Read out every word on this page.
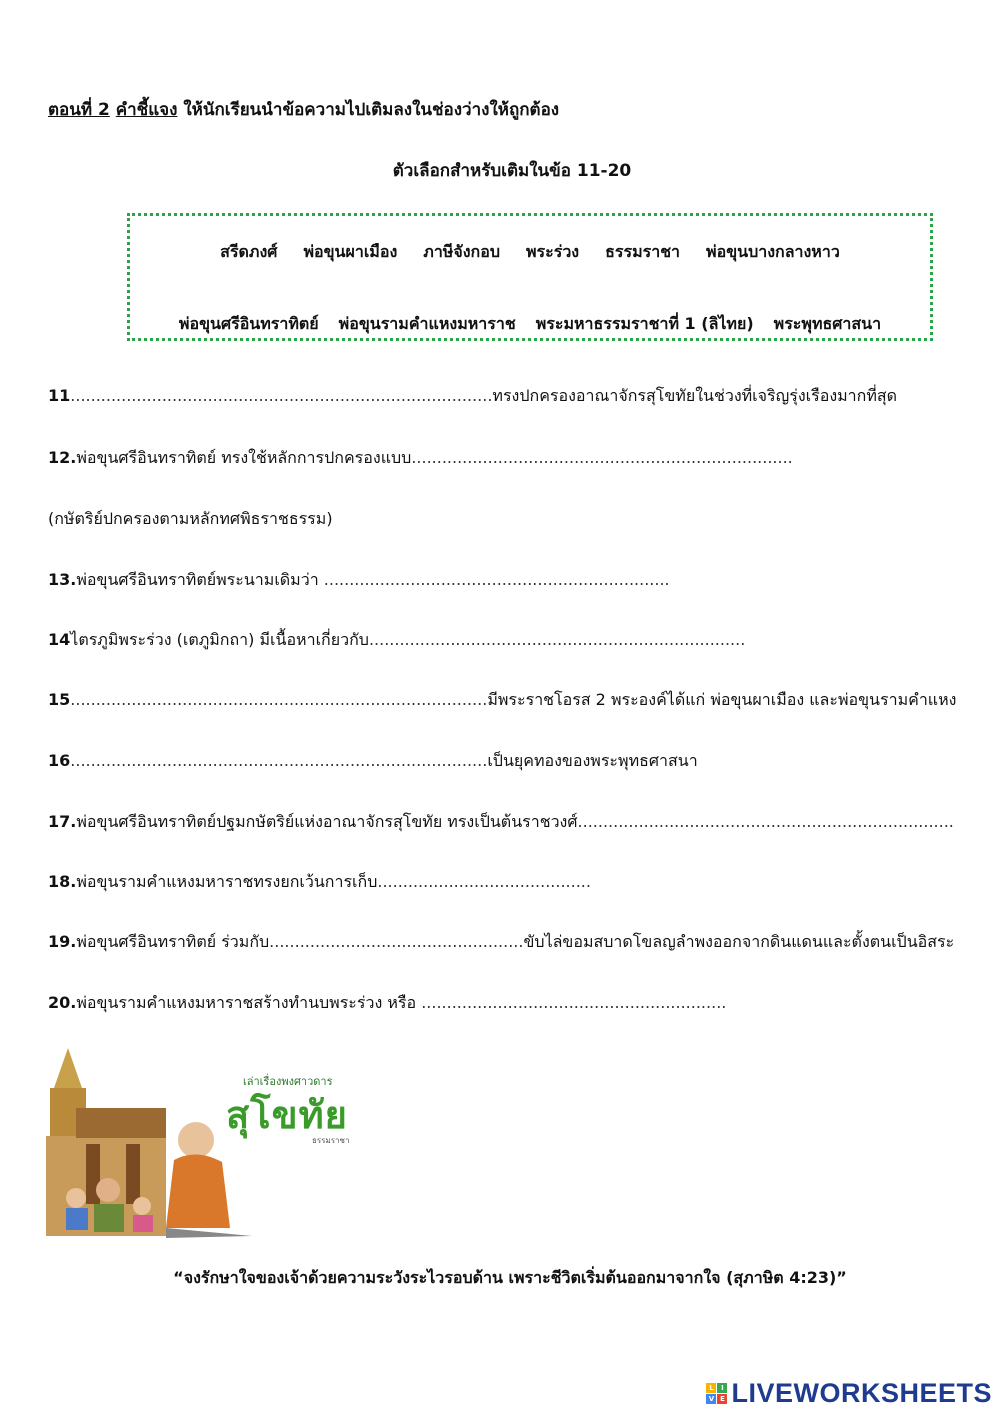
ตอนที่ 2 คำชี้แจง ให้นักเรียนนำข้อความไปเติมลงในช่องว่างให้ถูกต้อง
ตัวเลือกสำหรับเติมในข้อ 11-20
สรีดภงศ์ พ่อขุนผาเมือง ภาษีจังกอบ พระร่วง ธรรมราชา พ่อขุนบางกลางหาว
พ่อขุนศรีอินทราทิตย์ พ่อขุนรามคำแหงมหาราช พระมหาธรรมราชาที่ 1 (ลิไทย) พระพุทธศาสนา
11...................................................................................ทรงปกครองอาณาจักรสุโขทัยในช่วงที่เจริญรุ่งเรืองมากที่สุด
12.พ่อขุนศรีอินทราทิตย์ ทรงใช้หลักการปกครองแบบ...........................................................................
(กษัตริย์ปกครองตามหลักทศพิธราชธรรม)
13.พ่อขุนศรีอินทราทิตย์พระนามเดิมว่า ....................................................................
14ไตรภูมิพระร่วง (เตภูมิกถา) มีเนื้อหาเกี่ยวกับ..........................................................................
15..................................................................................มีพระราชโอรส 2 พระองค์ได้แก่ พ่อขุนผาเมือง และพ่อขุนรามคำแหง
16..................................................................................เป็นยุคทองของพระพุทธศาสนา
17.พ่อขุนศรีอินทราทิตย์ปฐมกษัตริย์แห่งอาณาจักรสุโขทัย ทรงเป็นต้นราชวงศ์..........................................................................
18.พ่อขุนรามคำแหงมหาราชทรงยกเว้นการเก็บ..........................................
19.พ่อขุนศรีอินทราทิตย์ ร่วมกับ..................................................ขับไล่ขอมสบาดโขลญลำพงออกจากดินแดนและตั้งตนเป็นอิสระ
20.พ่อขุนรามคำแหงมหาราชสร้างทำนบพระร่วง หรือ ............................................................
เล่าเรื่องพงศาวดาร
สุโขทัย
ธรรมราชา
“จงรักษาใจของเจ้าด้วยความระวังระไวรอบด้าน เพราะชีวิตเริ่มต้นออกมาจากใจ (สุภาษิต 4:23)”
L	I
V E LIVEWORKSHEETS
